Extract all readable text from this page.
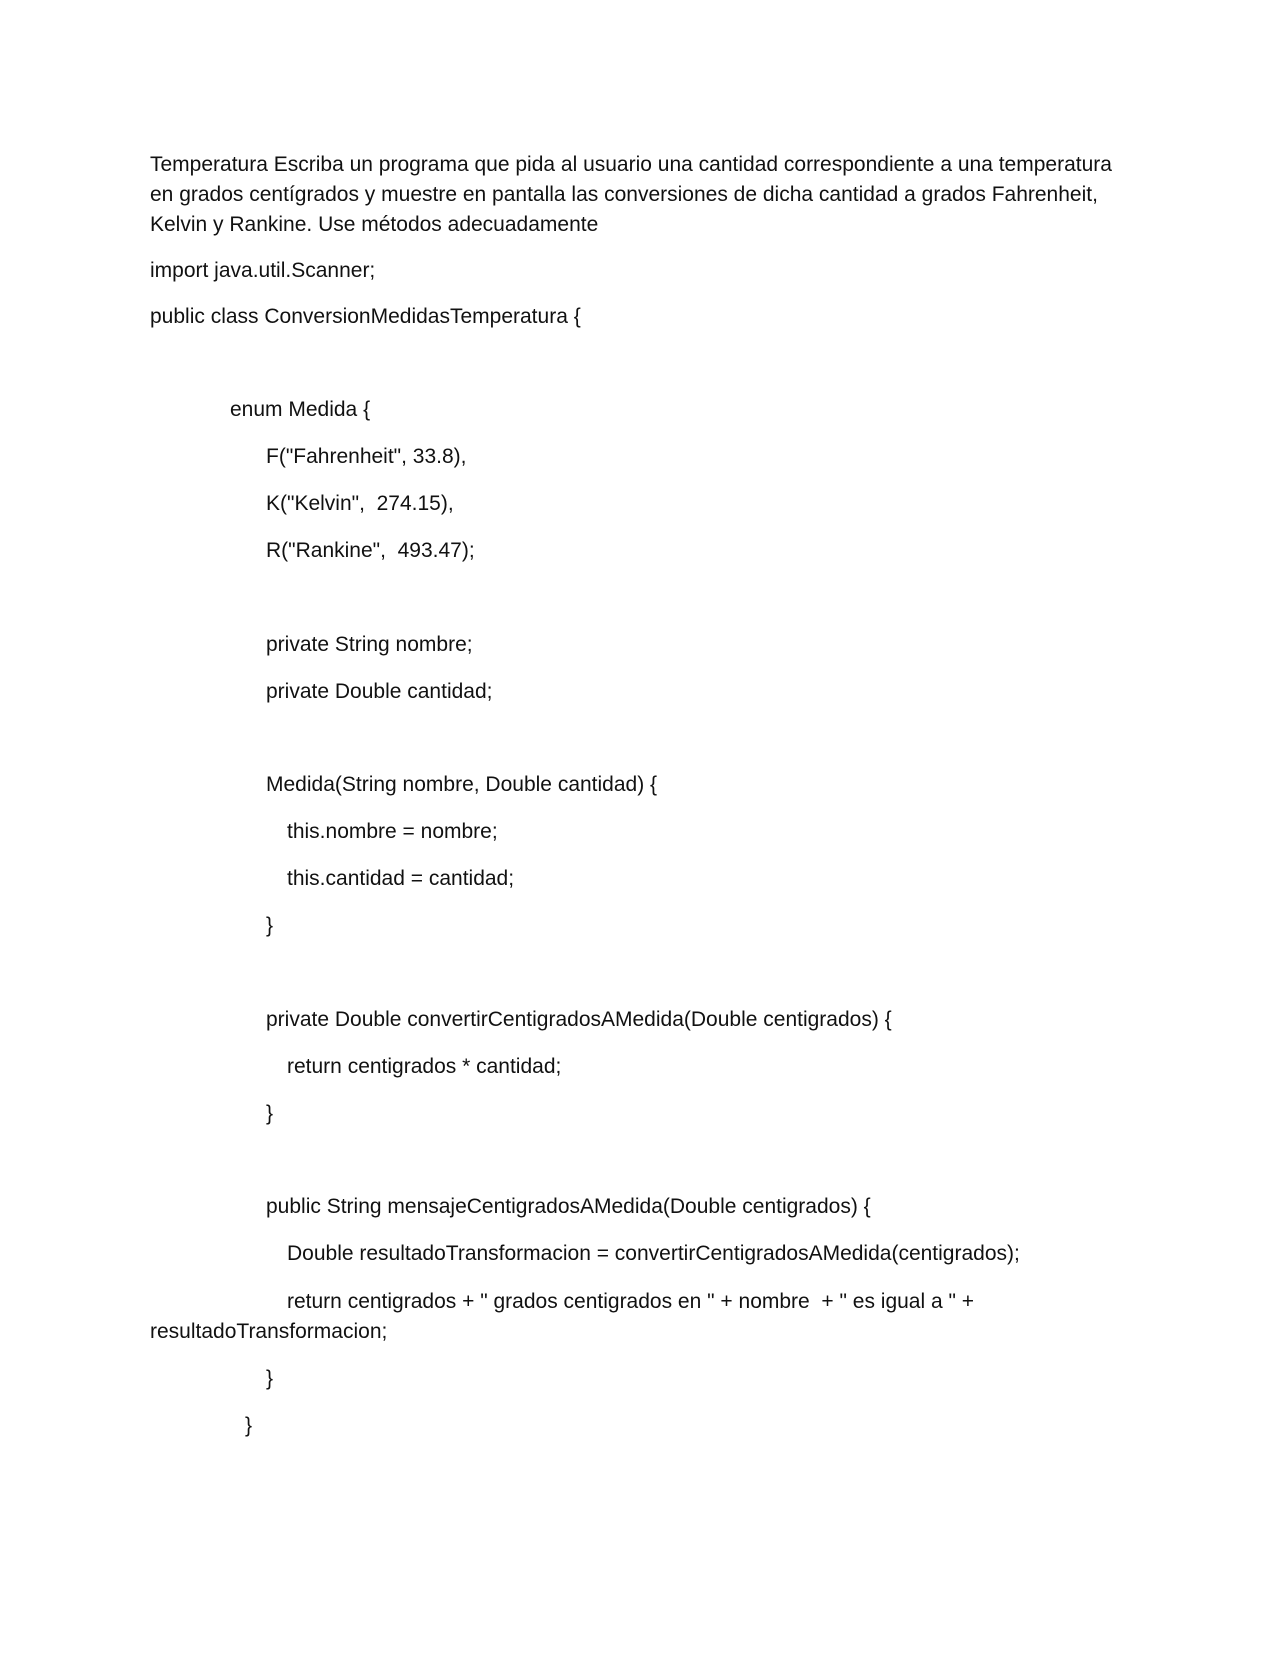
Temperatura Escriba un programa que pida al usuario una cantidad correspondiente a una temperatura en grados centígrados y muestre en pantalla las conversiones de dicha cantidad a grados Fahrenheit, Kelvin y Rankine. Use métodos adecuadamente

import java.util.Scanner;
public class ConversionMedidasTemperatura {
enum Medida {
F("Fahrenheit", 33.8),
K("Kelvin",  274.15),
R("Rankine",  493.47);
private String nombre;
private Double cantidad;
Medida(String nombre, Double cantidad) {
this.nombre = nombre;
this.cantidad = cantidad;
}
private Double convertirCentigradosAMedida(Double centigrados) {
return centigrados * cantidad;
}
public String mensajeCentigradosAMedida(Double centigrados) {
Double resultadoTransformacion = convertirCentigradosAMedida(centigrados);
return centigrados + " grados centigrados en " + nombre  + " es igual a " +
resultadoTransformacion;
}
}
